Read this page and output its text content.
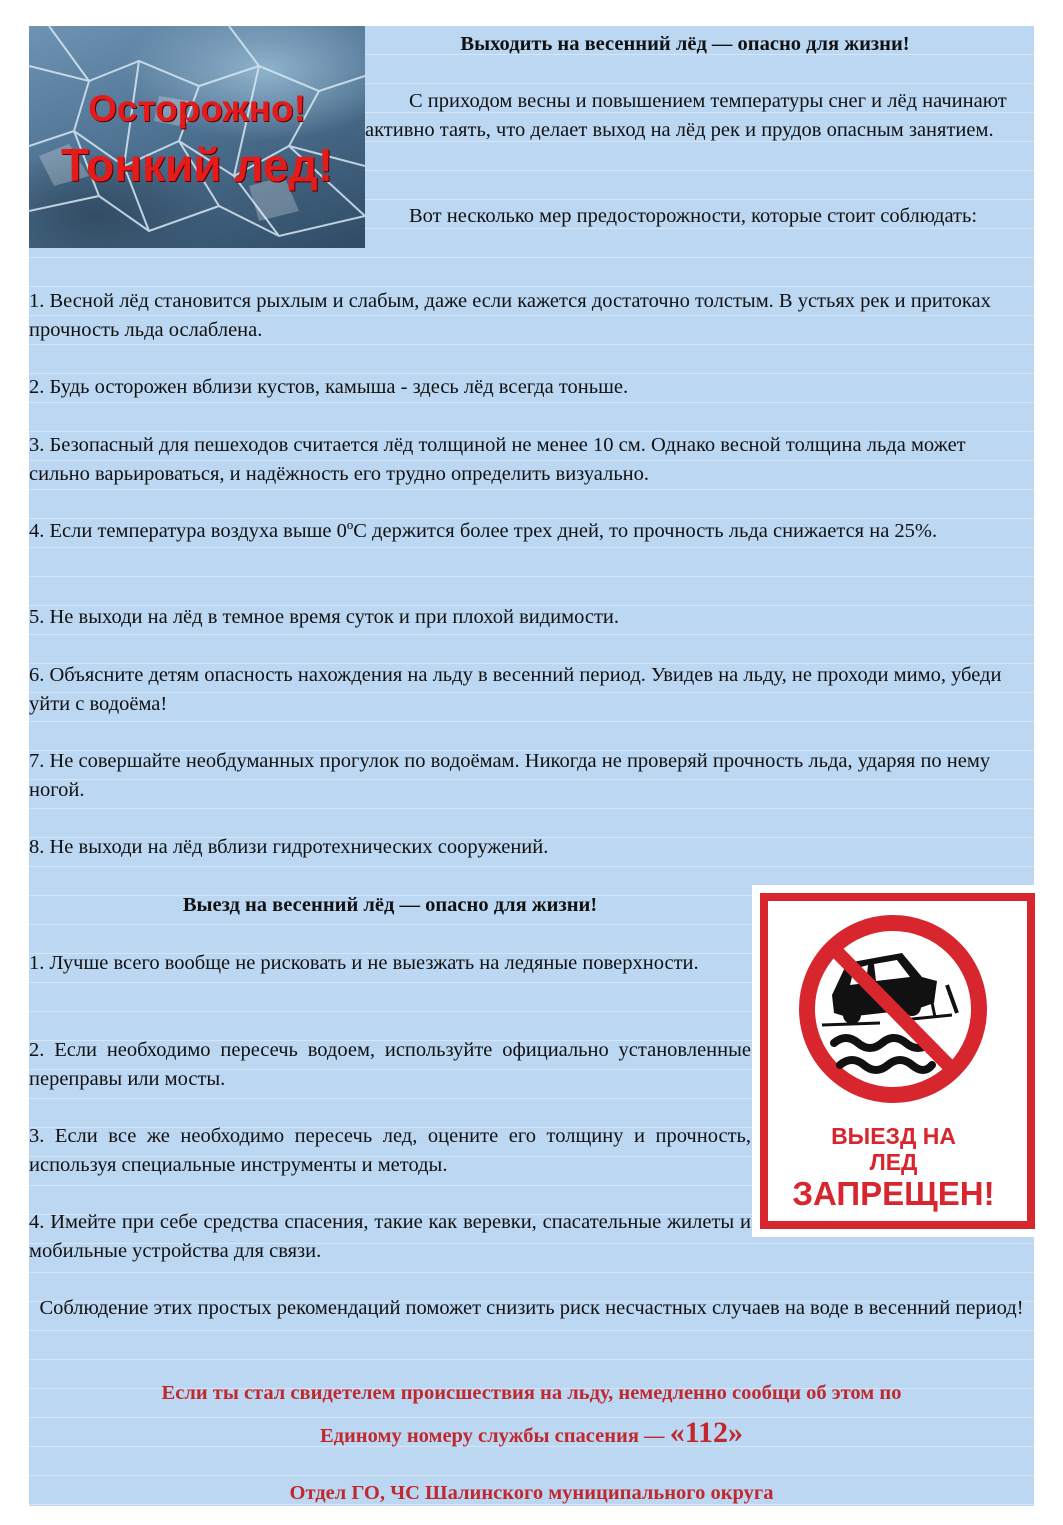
Осторожно!
Тонкий лед!
Выходить на весенний лёд — опасно для жизни!
С приходом весны и повышением температуры снег и лёд начинают активно таять, что делает выход на лёд рек и прудов опасным занятием.
Вот несколько мер предосторожности, которые стоит соблюдать:
1. Весной лёд становится рыхлым и слабым, даже если кажется достаточно толстым. В устьях рек и притоках прочность льда ослаблена.
2. Будь осторожен вблизи кустов, камыша - здесь лёд всегда тоньше.
3. Безопасный для пешеходов считается лёд толщиной не менее 10 см. Однако весной толщина льда может сильно варьироваться, и надёжность его трудно определить визуально.
4. Если температура воздуха выше 0ºС держится более трех дней, то прочность льда снижается на 25%.
5. Не выходи на лёд в темное время суток и при плохой видимости.
6. Объясните детям опасность нахождения на льду в весенний период. Увидев на льду, не проходи мимо, убеди уйти с водоёма!
7. Не совершайте необдуманных прогулок по водоёмам. Никогда не проверяй прочность льда, ударяя по нему ногой.
8. Не выходи на лёд вблизи гидротехнических сооружений.
Выезд на весенний лёд — опасно для жизни!
1. Лучше всего вообще не рисковать и не выезжать на ледяные поверхности.
2. Если необходимо пересечь водоем, используйте официально установленные переправы или мосты.
3. Если все же необходимо пересечь лед, оцените его толщину и прочность, используя специальные инструменты и методы.
4. Имейте при себе средства спасения, такие как веревки, спасательные жилеты и мобильные устройства для связи.
ВЫЕЗД НА
ЛЕД
ЗАПРЕЩЕН!
Соблюдение этих простых рекомендаций поможет снизить риск несчастных случаев на воде в весенний период!
Если ты стал свидетелем происшествия на льду, немедленно сообщи об этом по
Единому номеру службы спасения — «112»
Отдел ГО, ЧС Шалинского муниципального округа
